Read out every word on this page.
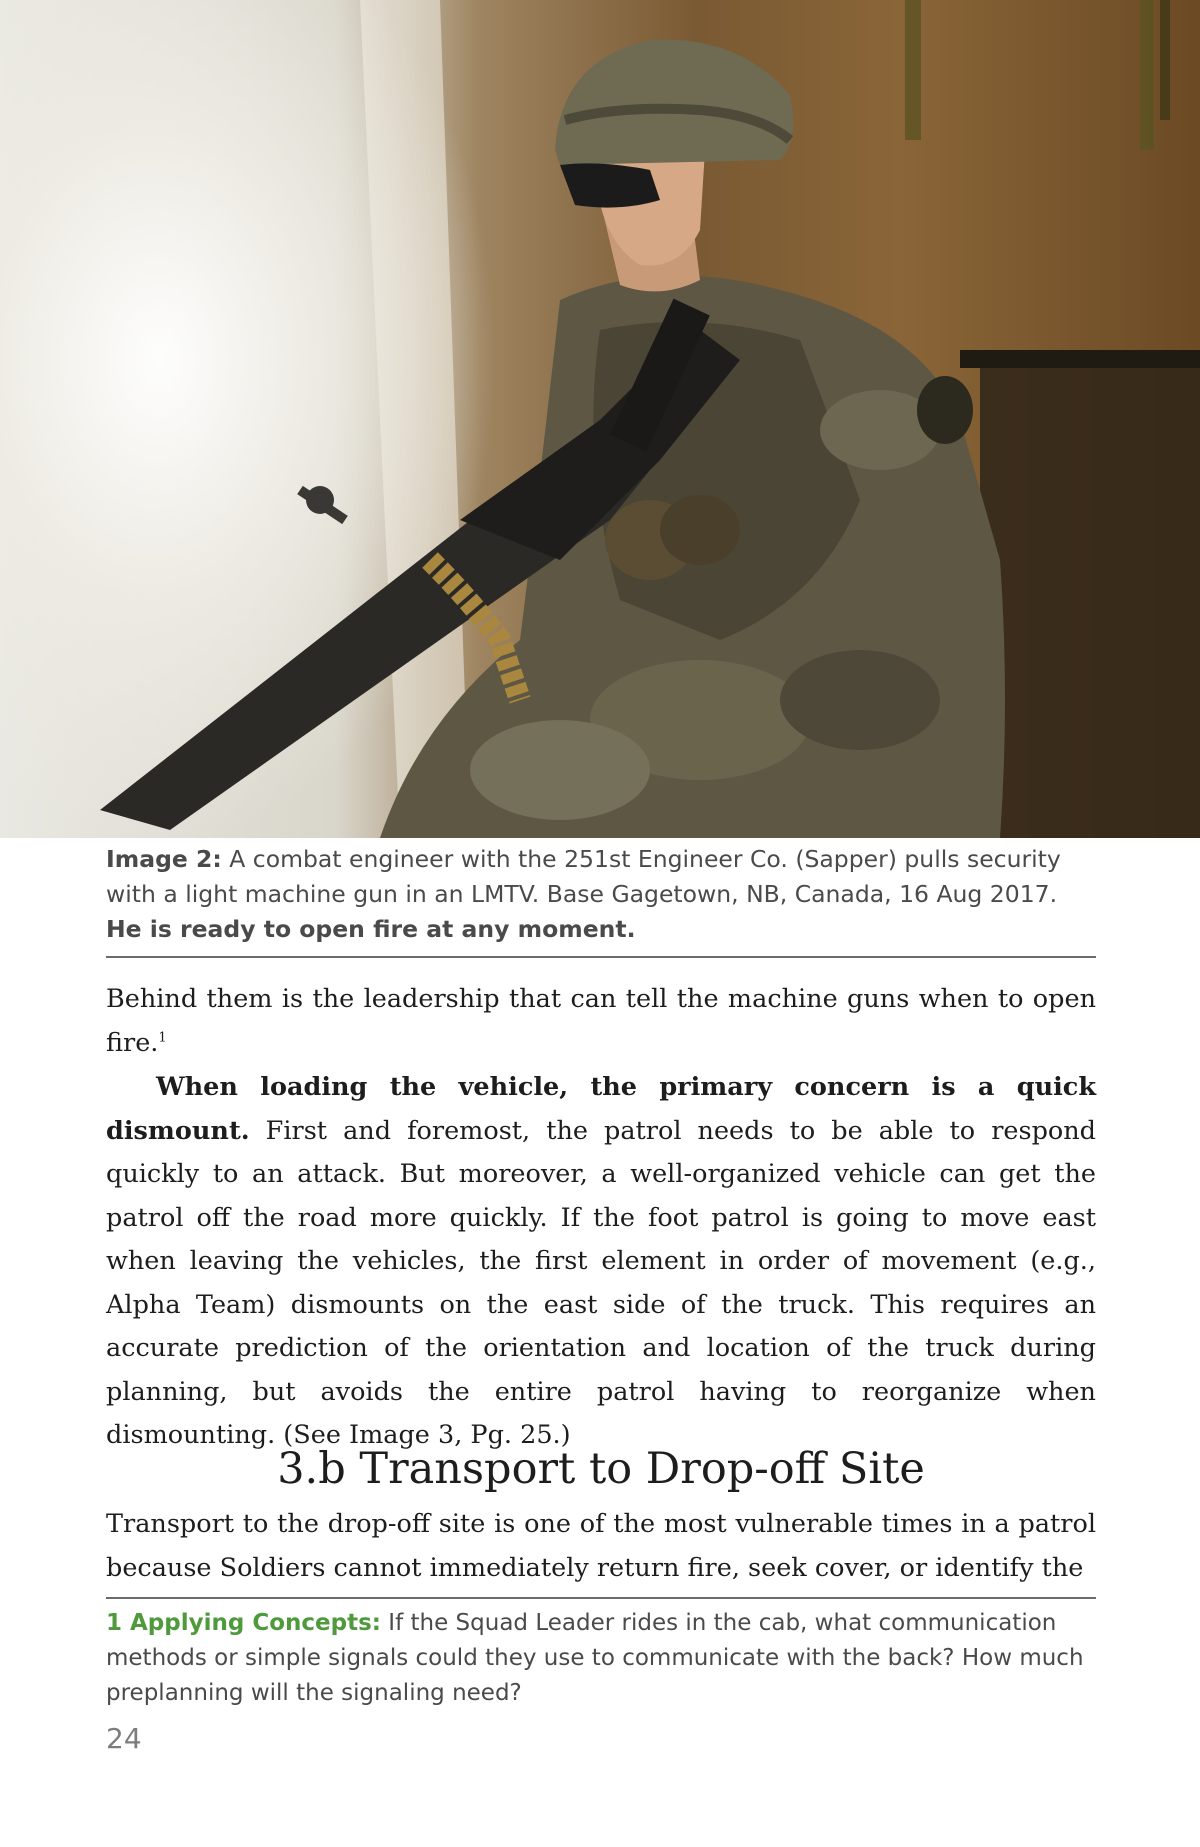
Image 2: A combat engineer with the 251st Engineer Co. (Sapper) pulls security with a light machine gun in an LMTV. Base Gagetown, NB, Canada, 16 Aug 2017. He is ready to open fire at any moment.

Behind them is the leadership that can tell the machine guns when to open fire.$^1$

When loading the vehicle, the primary concern is a quick dismount. First and foremost, the patrol needs to be able to respond quickly to an attack. But moreover, a well-organized vehicle can get the patrol off the road more quickly. If the foot patrol is going to move east when leaving the vehicles, the first element in order of movement (e.g., Alpha Team) dismounts on the east side of the truck. This requires an accurate prediction of the orientation and location of the truck during planning, but avoids the entire patrol having to reorganize when dismounting. (See Image 3, Pg. 25.)

3.b Transport to Drop-off Site

Transport to the drop-off site is one of the most vulnerable times in a patrol because Soldiers cannot immediately return fire, seek cover, or identify the

1 Applying Concepts: If the Squad Leader rides in the cab, what communication methods or simple signals could they use to communicate with the back? How much preplanning will the signaling need?
24
